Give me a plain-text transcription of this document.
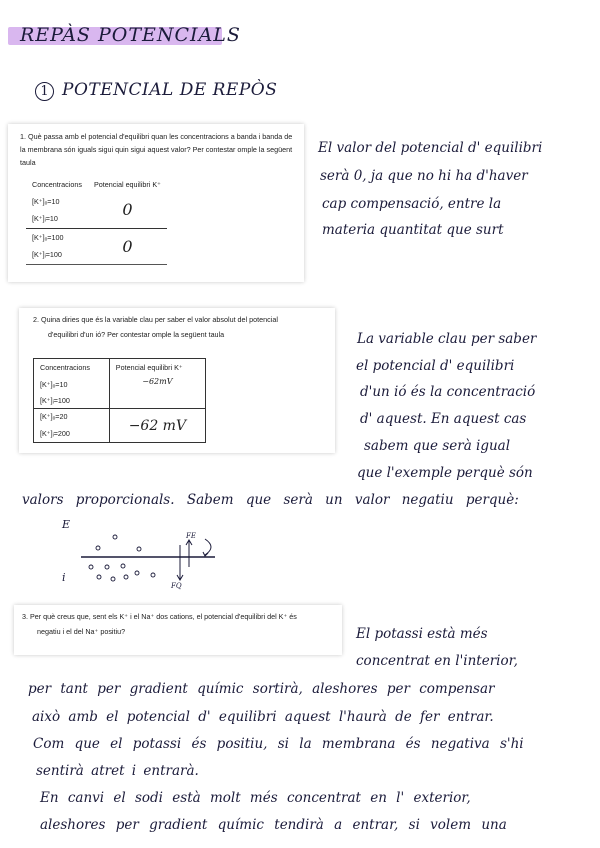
REPÀS POTENCIALS
1 POTENCIAL DE REPÒS
1. Què passa amb el potencial d'equilibri quan les concentracions a banda i banda de la membrana són iguals sigui quin sigui aquest valor? Per contestar omple la següent taula
Concentracions	Potencial equilibri K⁺
[K⁺]ₒ=10	0
[K⁺]ᵢ=10	
[K⁺]ₒ=100	0
[K⁺]ᵢ=100	
El valor del potencial d' equilibri
serà 0, ja que no hi ha d'haver
cap compensació, entre la
materia quantitat que surt
2. Quina diries que és la variable clau per saber el valor absolut del potencial
d'equilibri d'un ió? Per contestar omple la següent taula
Concentracions	Potencial equilibri K⁺
[K⁺]ₒ=10	−62mV
[K⁺]ᵢ=100	
[K⁺]ₒ=20	−62 mV
[K⁺]ᵢ=200	
La variable clau per saber
el potencial d' equilibri
d'un ió és la concentració
d' aquest. En aquest cas
sabem que serà igual
que l'exemple perquè són
valors proporcionals. Sabem que serà un valor negatiu perquè:
E
i
FE
FQ
3. Per què creus que, sent els K⁺ i el Na⁺ dos cations, el potencial d'equilibri del K⁺ és
negatiu i el del Na⁺ positiu?	El potassi està més
concentrat en l'interior,
per tant per gradient químic sortirà, aleshores per compensar
això amb el potencial d' equilibri aquest l'haurà de fer entrar.
Com que el potassi és positiu, si la membrana és negativa s'hi
sentirà atret i entrarà.
En canvi el sodi està molt més concentrat en l' exterior,
aleshores per gradient químic tendirà a entrar, si volem una
